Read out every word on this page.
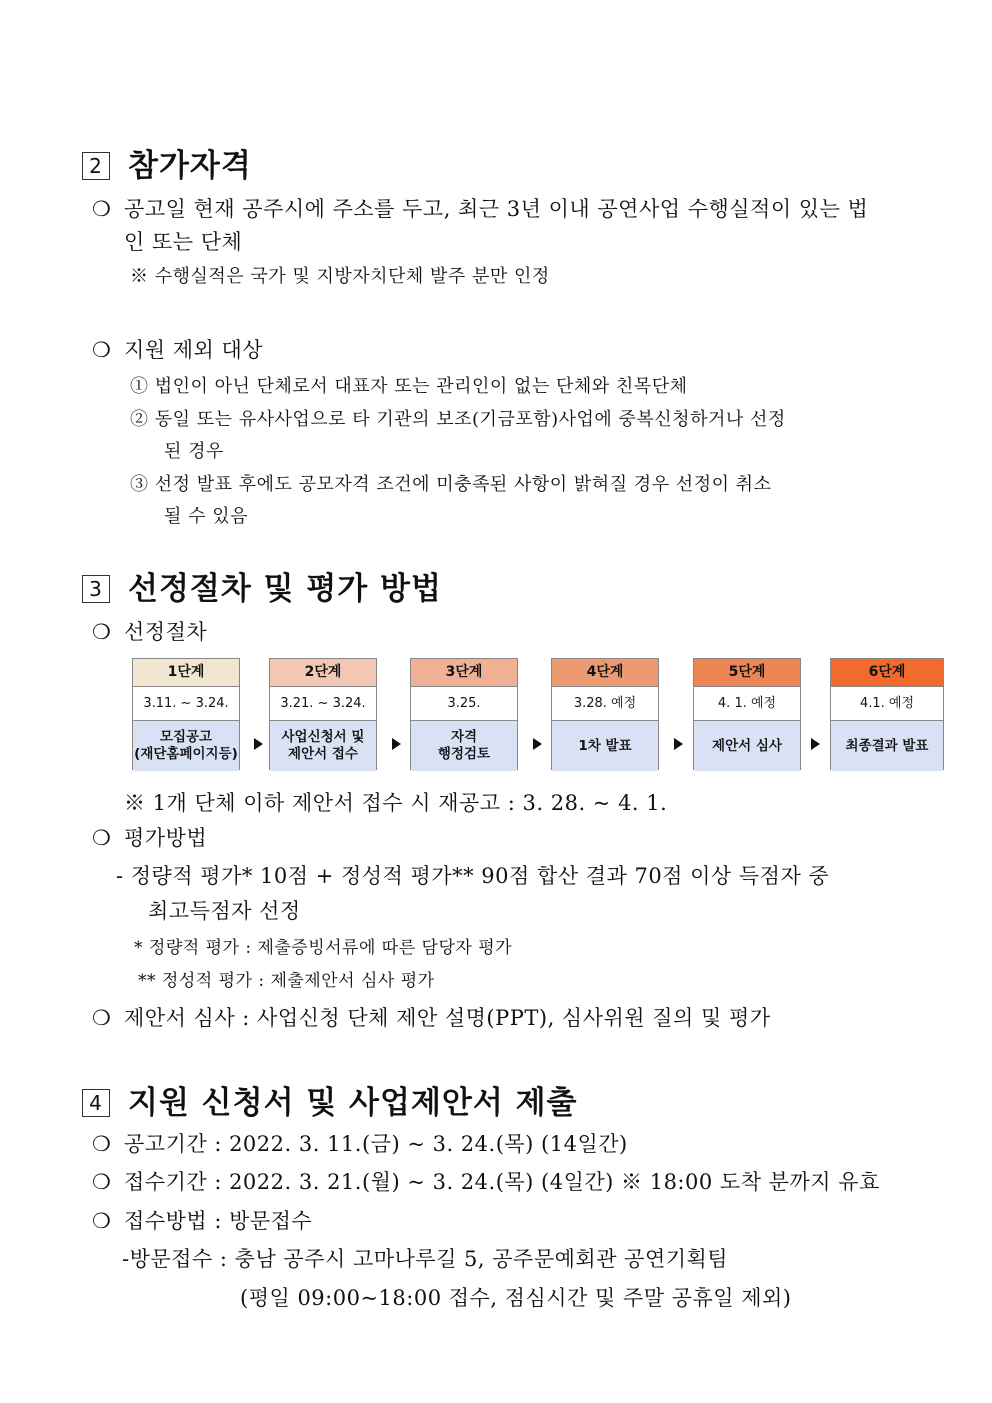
2 참가자격
❍ 공고일 현재 공주시에 주소를 두고, 최근 3년 이내 공연사업 수행실적이 있는 법
인 또는 단체
※ 수행실적은 국가 및 지방자치단체 발주 분만 인정
❍ 지원 제외 대상
① 법인이 아닌 단체로서 대표자 또는 관리인이 없는 단체와 친목단체
② 동일 또는 유사사업으로 타 기관의 보조(기금포함)사업에 중복신청하거나 선정
된 경우
③ 선정 발표 후에도 공모자격 조건에 미충족된 사항이 밝혀질 경우 선정이 취소
될 수 있음
3 선정절차 및 평가 방법
❍ 선정절차
1단계
3.11. ~ 3.24.
모집공고
(재단홈페이지등)
2단계
3.21. ~ 3.24.
사업신청서 및
제안서 접수
3단계
3.25.
자격
행정검토
4단계
3.28. 예정
1차 발표
5단계
4. 1. 예정
제안서 심사
6단계
4.1. 예정
최종결과 발표
※ 1개 단체 이하 제안서 접수 시 재공고 : 3. 28. ~ 4. 1.
❍ 평가방법
- 정량적 평가* 10점 + 정성적 평가** 90점 합산 결과 70점 이상 득점자 중
최고득점자 선정
* 정량적 평가 : 제출증빙서류에 따른 담당자 평가
** 정성적 평가 : 제출제안서 심사 평가
❍ 제안서 심사 : 사업신청 단체 제안 설명(PPT), 심사위원 질의 및 평가
4 지원 신청서 및 사업제안서 제출
❍ 공고기간 : 2022. 3. 11.(금) ~ 3. 24.(목) (14일간)
❍ 접수기간 : 2022. 3. 21.(월) ~ 3. 24.(목) (4일간) ※ 18:00 도착 분까지 유효
❍ 접수방법 : 방문접수
-방문접수 : 충남 공주시 고마나루길 5, 공주문예회관 공연기획팀
(평일 09:00~18:00 접수, 점심시간 및 주말 공휴일 제외)
